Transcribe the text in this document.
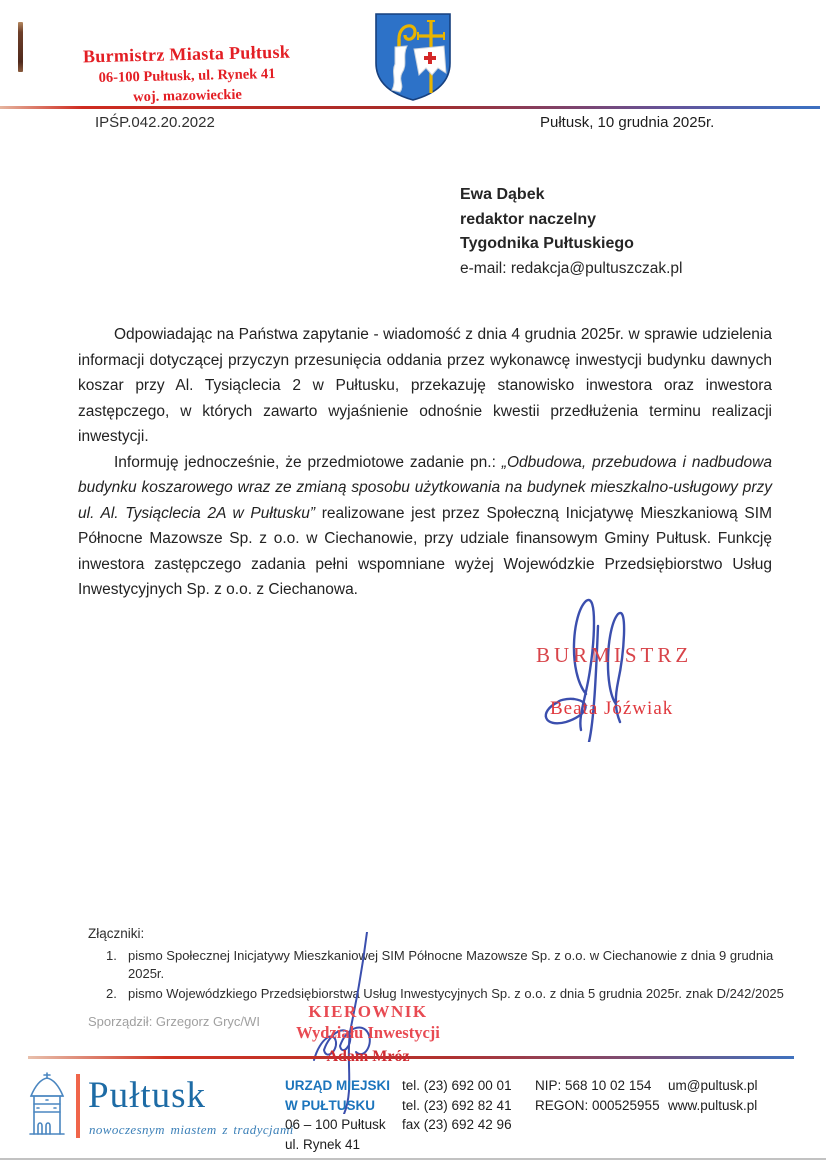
Burmistrz Miasta Pułtusk
06-100 Pułtusk, ul. Rynek 41
woj. mazowieckie
IPŚP.042.20.2022	Pułtusk, 10 grudnia 2025r.
Ewa Dąbek
redaktor naczelny
Tygodnika Pułtuskiego
e-mail: redakcja@pultuszczak.pl

Odpowiadając na Państwa zapytanie - wiadomość z dnia 4 grudnia 2025r. w sprawie udzielenia informacji dotyczącej przyczyn przesunięcia oddania przez wykonawcę inwestycji budynku dawnych koszar przy Al. Tysiąclecia 2 w Pułtusku, przekazuję stanowisko inwestora oraz inwestora zastępczego, w których zawarto wyjaśnienie odnośnie kwestii przedłużenia terminu realizacji inwestycji.

Informuję jednocześnie, że przedmiotowe zadanie pn.: „Odbudowa, przebudowa i nadbudowa budynku koszarowego wraz ze zmianą sposobu użytkowania na budynek mieszkalno-usługowy przy ul. Al. Tysiąclecia 2A w Pułtusku” realizowane jest przez Społeczną Inicjatywę Mieszkaniową SIM Północne Mazowsze Sp. z o.o. w Ciechanowie, przy udziale finansowym Gminy Pułtusk. Funkcję inwestora zastępczego zadania pełni wspomniane wyżej Wojewódzkie Przedsiębiorstwo Usług Inwestycyjnych Sp. z o.o. z Ciechanowa.

BURMISTRZ
Beata Jóźwiak
Złączniki:
1. pismo Społecznej Inicjatywy Mieszkaniowej SIM Północne Mazowsze Sp. z o.o. w Ciechanowie z dnia 9 grudnia 2025r.
2. pismo Wojewódzkiego Przedsiębiorstwa Usług Inwestycyjnych Sp. z o.o. z dnia 5 grudnia 2025r. znak D/242/2025
Sporządził: Grzegorz Gryc/WI
KIEROWNIK
Wydziału Inwestycji
Adam Mróz
Pułtusk
nowoczesnym miastem z tradycjami
URZĄD MIEJSKI
W PUŁTUSKU
06 – 100 Pułtusk
ul. Rynek 41
tel. (23) 692 00 01
tel. (23) 692 82 41
fax (23) 692 42 96
NIP: 568 10 02 154
REGON: 000525955
um@pultusk.pl
www.pultusk.pl
